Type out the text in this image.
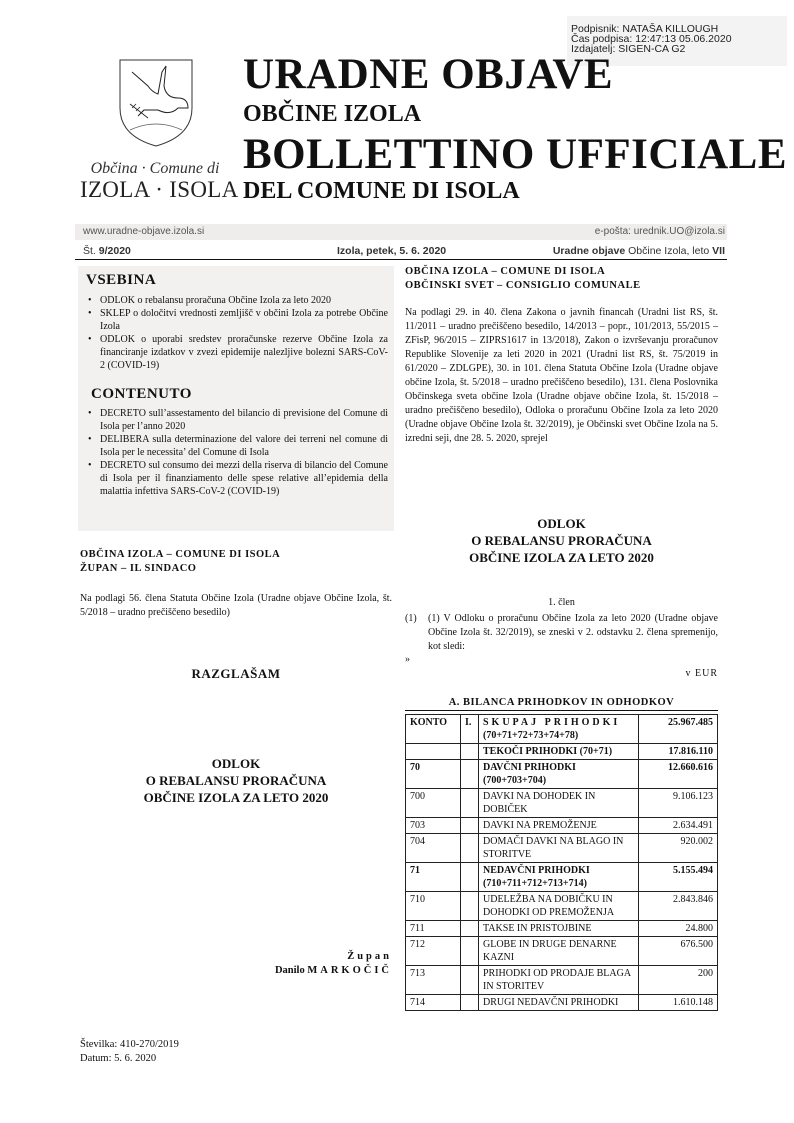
Podpisnik: NATAŠA KILLOUGH
Čas podpisa: 12:47:13 05.06.2020
Izdajatelj: SIGEN-CA G2
Občina · Comune di
IZOLA · ISOLA
URADNE OBJAVE
OBČINE IZOLA
BOLLETTINO UFFICIALE
DEL COMUNE DI ISOLA
www.uradne-objave.izola.si	e-pošta: urednik.UO@izola.si
Št. 9/2020	Izola, petek, 5. 6. 2020	Uradne objave Občine Izola, leto VII
VSEBINA
• ODLOK o rebalansu proračuna Občine Izola za leto 2020
• SKLEP o določitvi vrednosti zemljišč v občini Izola za potrebe Občine Izola
• ODLOK o uporabi sredstev proračunske rezerve Občine Izola za financiranje izdatkov v zvezi epidemije nalezljive bolezni SARS-CoV-2 (COVID-19)
CONTENUTO
• DECRETO sull’assestamento del bilancio di previsione del Comune di Isola per l’anno 2020
• DELIBERA sulla determinazione del valore dei terreni nel comune di Isola per le necessita’ del Comune di Isola
• DECRETO sul consumo dei mezzi della riserva di bilancio del Comune di Isola per il finanziamento delle spese relative all’epidemia della malattia infettiva SARS-CoV-2 (COVID-19)
OBČINA IZOLA – COMUNE DI ISOLA
ŽUPAN – IL SINDACO
Na podlagi 56. člena Statuta Občine Izola (Uradne objave Občine Izola, št. 5/2018 – uradno prečiščeno besedilo)
RAZGLAŠAM
ODLOK
O REBALANSU PRORAČUNA
OBČINE IZOLA ZA LETO 2020
Župan
Danilo MARKOČIČ
Številka: 410-270/2019
Datum: 5. 6. 2020
OBČINA IZOLA – COMUNE DI ISOLA
OBČINSKI SVET – CONSIGLIO COMUNALE
Na podlagi 29. in 40. člena Zakona o javnih financah (Uradni list RS, št. 11/2011 – uradno prečiščeno besedilo, 14/2013 – popr., 101/2013, 55/2015 – ZFisP, 96/2015 – ZIPRS1617 in 13/2018), Zakon o izvrševanju proračunov Republike Slovenije za leti 2020 in 2021 (Uradni list RS, št. 75/2019 in 61/2020 – ZDLGPE), 30. in 101. člena Statuta Občine Izola (Uradne objave občine Izola, št. 5/2018 – uradno prečiščeno besedilo), 131. člena Poslovnika Občinskega sveta občine Izola (Uradne objave občine Izola, št. 15/2018 – uradno prečiščeno besedilo), Odloka o proračunu Občine Izola za leto 2020 (Uradne objave Občine Izola št. 32/2019), je Občinski svet Občine Izola na 5. izredni seji, dne 28. 5. 2020, sprejel
ODLOK
O REBALANSU PRORAČUNA
OBČINE IZOLA ZA LETO 2020
1. člen
(1) (1) V Odloku o proračunu Občine Izola za leto 2020 (Uradne objave Občine Izola št. 32/2019), se zneski v 2. odstavku 2. člena spremenijo, kot sledi:
»
v EUR
A. BILANCA PRIHODKOV IN ODHODKOV
KONTO	I.	SKUPAJ PRIHODKI
(70+71+72+73+74+78)	25.967.485

		TEKOČI PRIHODKI (70+71)	17.816.110
70		DAVČNI PRIHODKI
(700+703+704)	12.660.616
700		DAVKI NA DOHODEK IN DOBIČEK	9.106.123
703		DAVKI NA PREMOŽENJE	2.634.491
704		DOMAČI DAVKI NA BLAGO IN STORITVE	920.002
71		NEDAVČNI PRIHODKI
(710+711+712+713+714)	5.155.494
710		UDELEŽBA NA DOBIČKU IN DOHODKI OD PREMOŽENJA	2.843.846
711		TAKSE IN PRISTOJBINE	24.800
712		GLOBE IN DRUGE DENARNE KAZNI	676.500
713		PRIHODKI OD PRODAJE BLAGA IN STORITEV	200
714		DRUGI NEDAVČNI PRIHODKI	1.610.148
